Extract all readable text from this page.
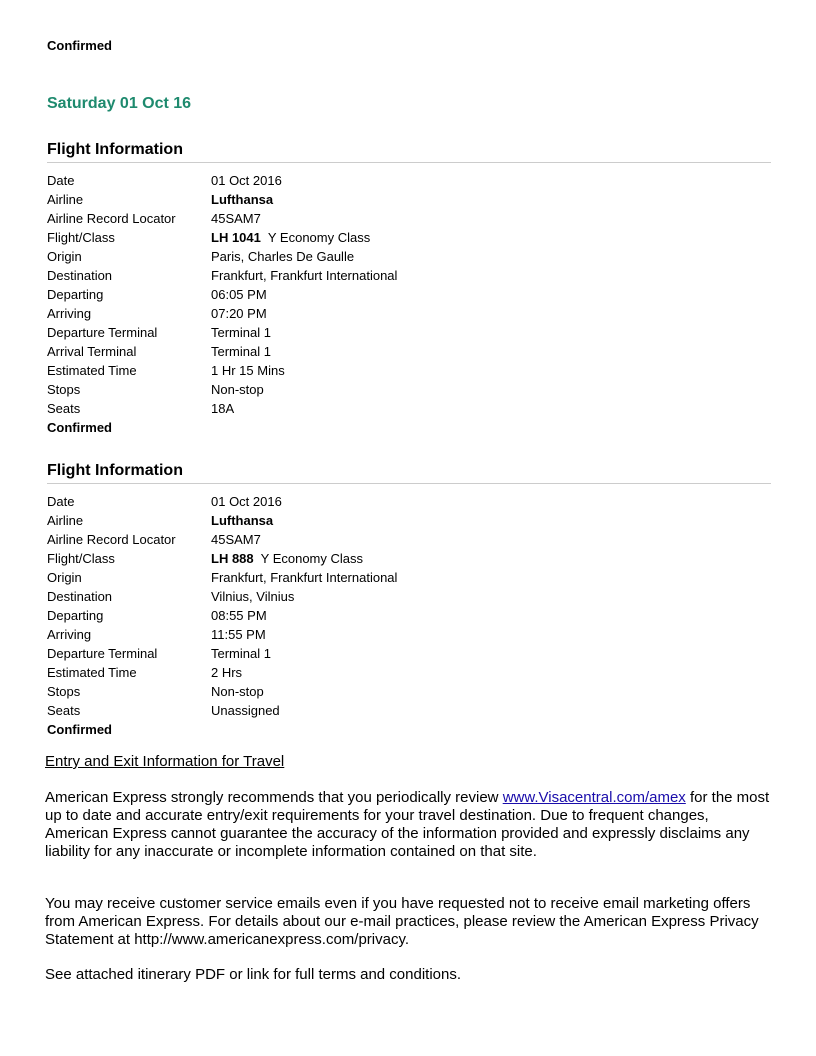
Confirmed
Saturday 01 Oct 16
Flight Information
Date	01 Oct 2016
Airline	Lufthansa
Airline Record Locator	45SAM7
Flight/Class	LH 1041 Y Economy Class
Origin	Paris, Charles De Gaulle
Destination	Frankfurt, Frankfurt International
Departing	06:05 PM
Arriving	07:20 PM
Departure Terminal	Terminal 1
Arrival Terminal	Terminal 1
Estimated Time	1 Hr 15 Mins
Stops	Non-stop
Seats	18A
Confirmed
Flight Information
Date	01 Oct 2016
Airline	Lufthansa
Airline Record Locator	45SAM7
Flight/Class	LH 888 Y Economy Class
Origin	Frankfurt, Frankfurt International
Destination	Vilnius, Vilnius
Departing	08:55 PM
Arriving	11:55 PM
Departure Terminal	Terminal 1
Estimated Time	2 Hrs
Stops	Non-stop
Seats	Unassigned
Confirmed
Entry and Exit Information for Travel
American Express strongly recommends that you periodically review www.Visacentral.com/amex for the most up to date and accurate entry/exit requirements for your travel destination. Due to frequent changes, American Express cannot guarantee the accuracy of the information provided and expressly disclaims any liability for any inaccurate or incomplete information contained on that site.
You may receive customer service emails even if you have requested not to receive email marketing offers from American Express. For details about our e-mail practices, please review the American Express Privacy Statement at http://www.americanexpress.com/privacy.
See attached itinerary PDF or link for full terms and conditions.
